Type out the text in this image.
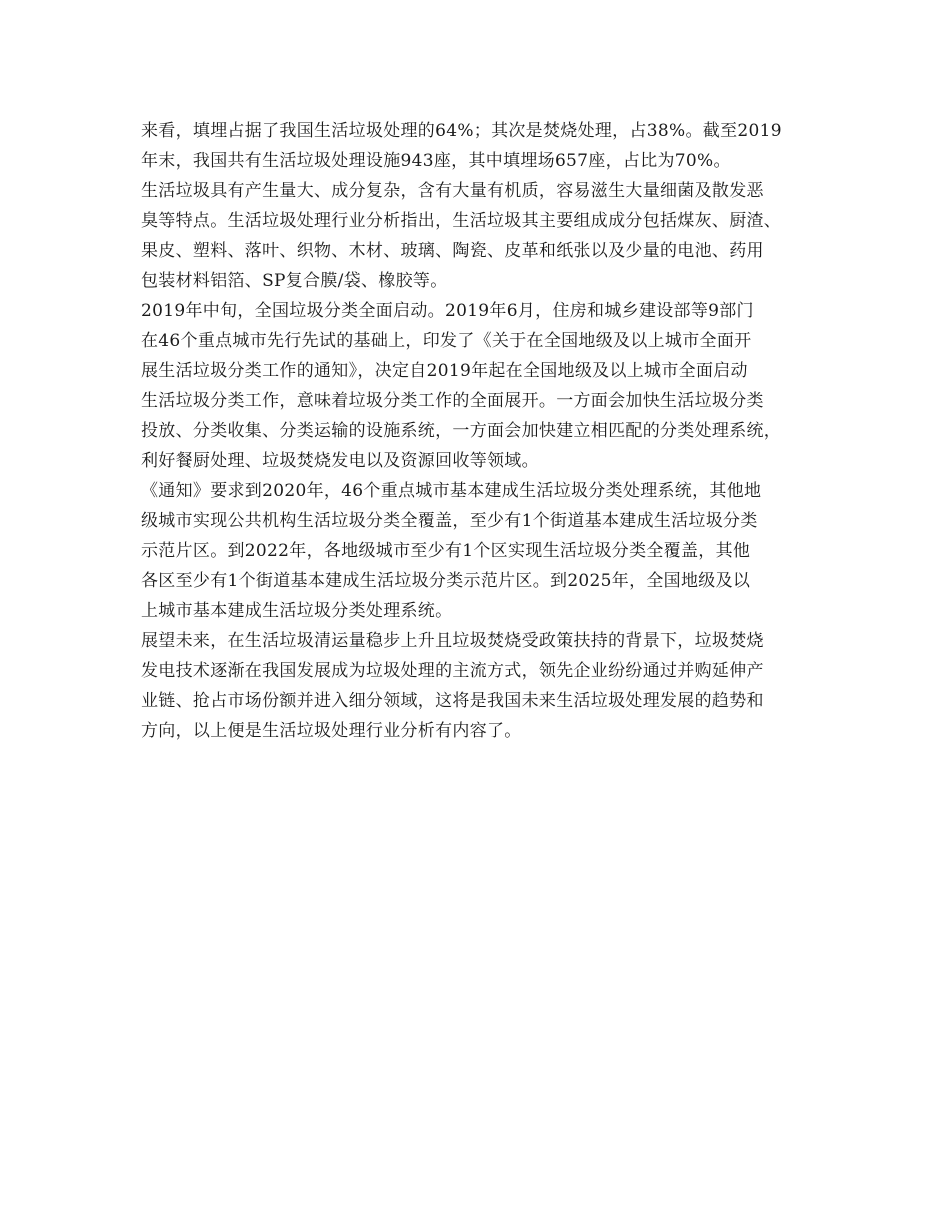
来看，填埋占据了我国生活垃圾处理的64%；其次是焚烧处理，占38%。截至2019
年末，我国共有生活垃圾处理设施943座，其中填埋场657座，占比为70%。
生活垃圾具有产生量大、成分复杂，含有大量有机质，容易滋生大量细菌及散发恶
臭等特点。生活垃圾处理行业分析指出，生活垃圾其主要组成成分包括煤灰、厨渣、
果皮、塑料、落叶、织物、木材、玻璃、陶瓷、皮革和纸张以及少量的电池、药用
包装材料铝箔、SP复合膜/袋、橡胶等。
2019年中旬，全国垃圾分类全面启动。2019年6月，住房和城乡建设部等9部门
在46个重点城市先行先试的基础上，印发了《关于在全国地级及以上城市全面开
展生活垃圾分类工作的通知》，决定自2019年起在全国地级及以上城市全面启动
生活垃圾分类工作，意味着垃圾分类工作的全面展开。一方面会加快生活垃圾分类
投放、分类收集、分类运输的设施系统，一方面会加快建立相匹配的分类处理系统，
利好餐厨处理、垃圾焚烧发电以及资源回收等领域。
《通知》要求到2020年，46个重点城市基本建成生活垃圾分类处理系统，其他地
级城市实现公共机构生活垃圾分类全覆盖，至少有1个街道基本建成生活垃圾分类
示范片区。到2022年，各地级城市至少有1个区实现生活垃圾分类全覆盖，其他
各区至少有1个街道基本建成生活垃圾分类示范片区。到2025年，全国地级及以
上城市基本建成生活垃圾分类处理系统。
展望未来，在生活垃圾清运量稳步上升且垃圾焚烧受政策扶持的背景下，垃圾焚烧
发电技术逐渐在我国发展成为垃圾处理的主流方式，领先企业纷纷通过并购延伸产
业链、抢占市场份额并进入细分领域，这将是我国未来生活垃圾处理发展的趋势和
方向，以上便是生活垃圾处理行业分析有内容了。
